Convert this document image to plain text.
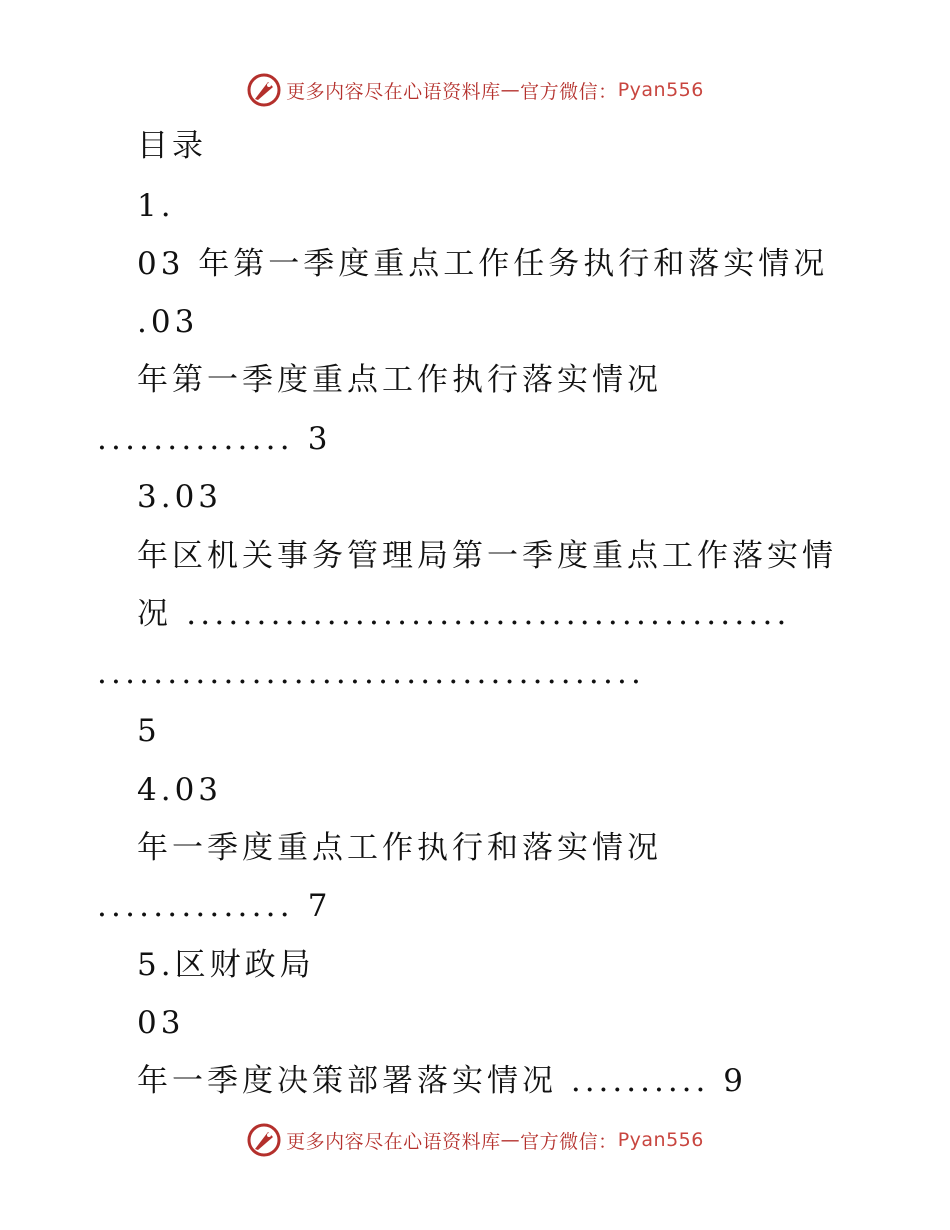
更多内容尽在心语资料库 — 官方微信： Pyan556
目录
1.
03 年第一季度重点工作任务执行和落实情况
.03
年第一季度重点工作执行落实情况
.............. 3
3.03
年区机关事务管理局第一季度重点工作落实情
况 ...........................................
.......................................
5
4.03
年一季度重点工作执行和落实情况
.............. 7
5.区财政局
03
年一季度决策部署落实情况 .......... 9
更多内容尽在心语资料库 — 官方微信： Pyan556
